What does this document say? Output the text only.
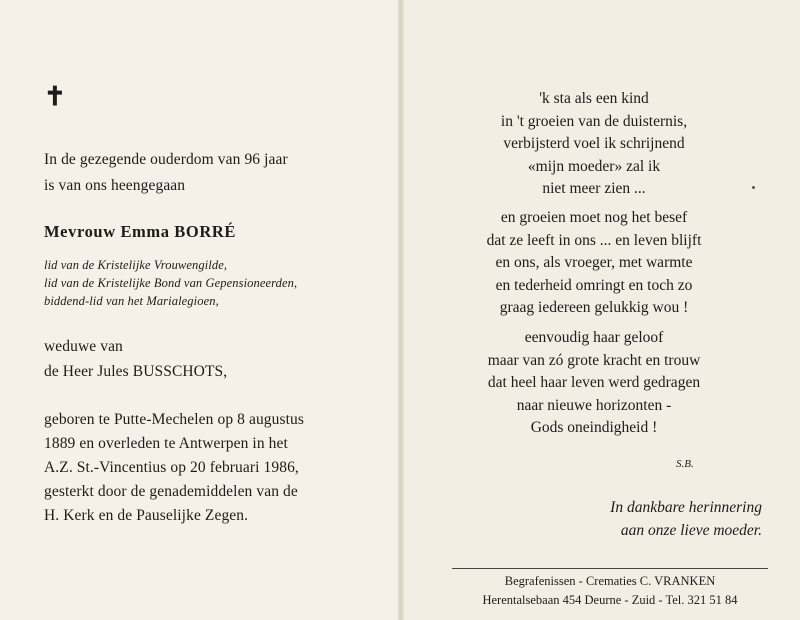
✝
In de gezegende ouderdom van 96 jaar
is van ons heengegaan
Mevrouw Emma BORRÉ
lid van de Kristelijke Vrouwengilde,
lid van de Kristelijke Bond van Gepensioneerden,
biddend-lid van het Marialegioen,
weduwe van
de Heer Jules BUSSCHOTS,
geboren te Putte-Mechelen op 8 augustus
1889 en overleden te Antwerpen in het
A.Z. St.-Vincentius op 20 februari 1986,
gesterkt door de genademiddelen van de
H. Kerk en de Pauselijke Zegen.
'k sta als een kind
in 't groeien van de duisternis,
verbijsterd voel ik schrijnend
«mijn moeder» zal ik
niet meer zien ...
en groeien moet nog het besef
dat ze leeft in ons ... en leven blijft
en ons, als vroeger, met warmte
en tederheid omringt en toch zo
graag iedereen gelukkig wou !
eenvoudig haar geloof
maar van zó grote kracht en trouw
dat heel haar leven werd gedragen
naar nieuwe horizonten -
Gods oneindigheid !
S.B.
In dankbare herinnering
aan onze lieve moeder.
Begrafenissen - Crematies C. VRANKEN
Herentalsebaan 454 Deurne - Zuid - Tel. 321 51 84
